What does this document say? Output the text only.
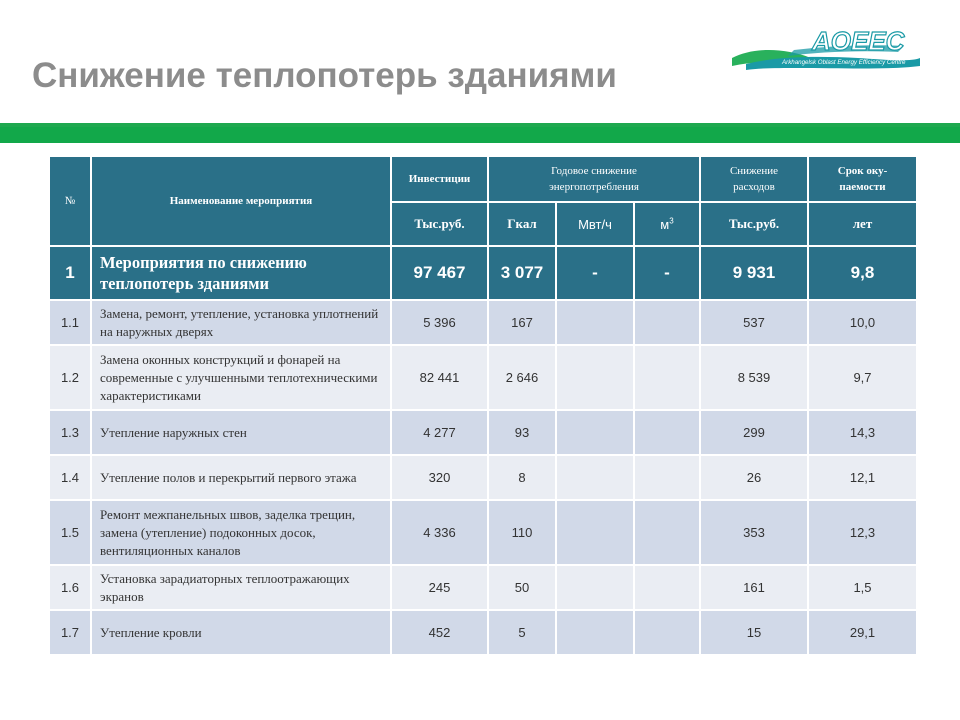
Снижение теплопотерь зданиями
AOEEC
Arkhangelsk Oblast Energy Efficiency Centre
№	Наименование мероприятия	Инвестиции	Годовое снижение энергопотребления			Снижение расходов	Срок оку-паемости
		Тыс.руб.	Гкал	Мвт/ч	$м^3$	Тыс.руб.	лет
1	Мероприятия по снижению теплопотерь зданиями	97 467	3 077	-	-	9 931	9,8
1.1	Замена, ремонт, утепление, установка уплотнений на наружных дверях	5 396	167			537	10,0
1.2	Замена оконных конструкций и фонарей на современные с улучшенными теплотехническими характеристиками	82 441	2 646			8 539	9,7
1.3	Утепление наружных стен	4 277	93			299	14,3
1.4	Утепление полов и перекрытий первого этажа	320	8			26	12,1
1.5	Ремонт межпанельных швов, заделка трещин, замена (утепление) подоконных досок, вентиляционных каналов	4 336	110			353	12,3
1.6	Установка зарадиаторных теплоотражающих экранов	245	50			161	1,5
1.7	Утепление кровли	452	5			15	29,1
